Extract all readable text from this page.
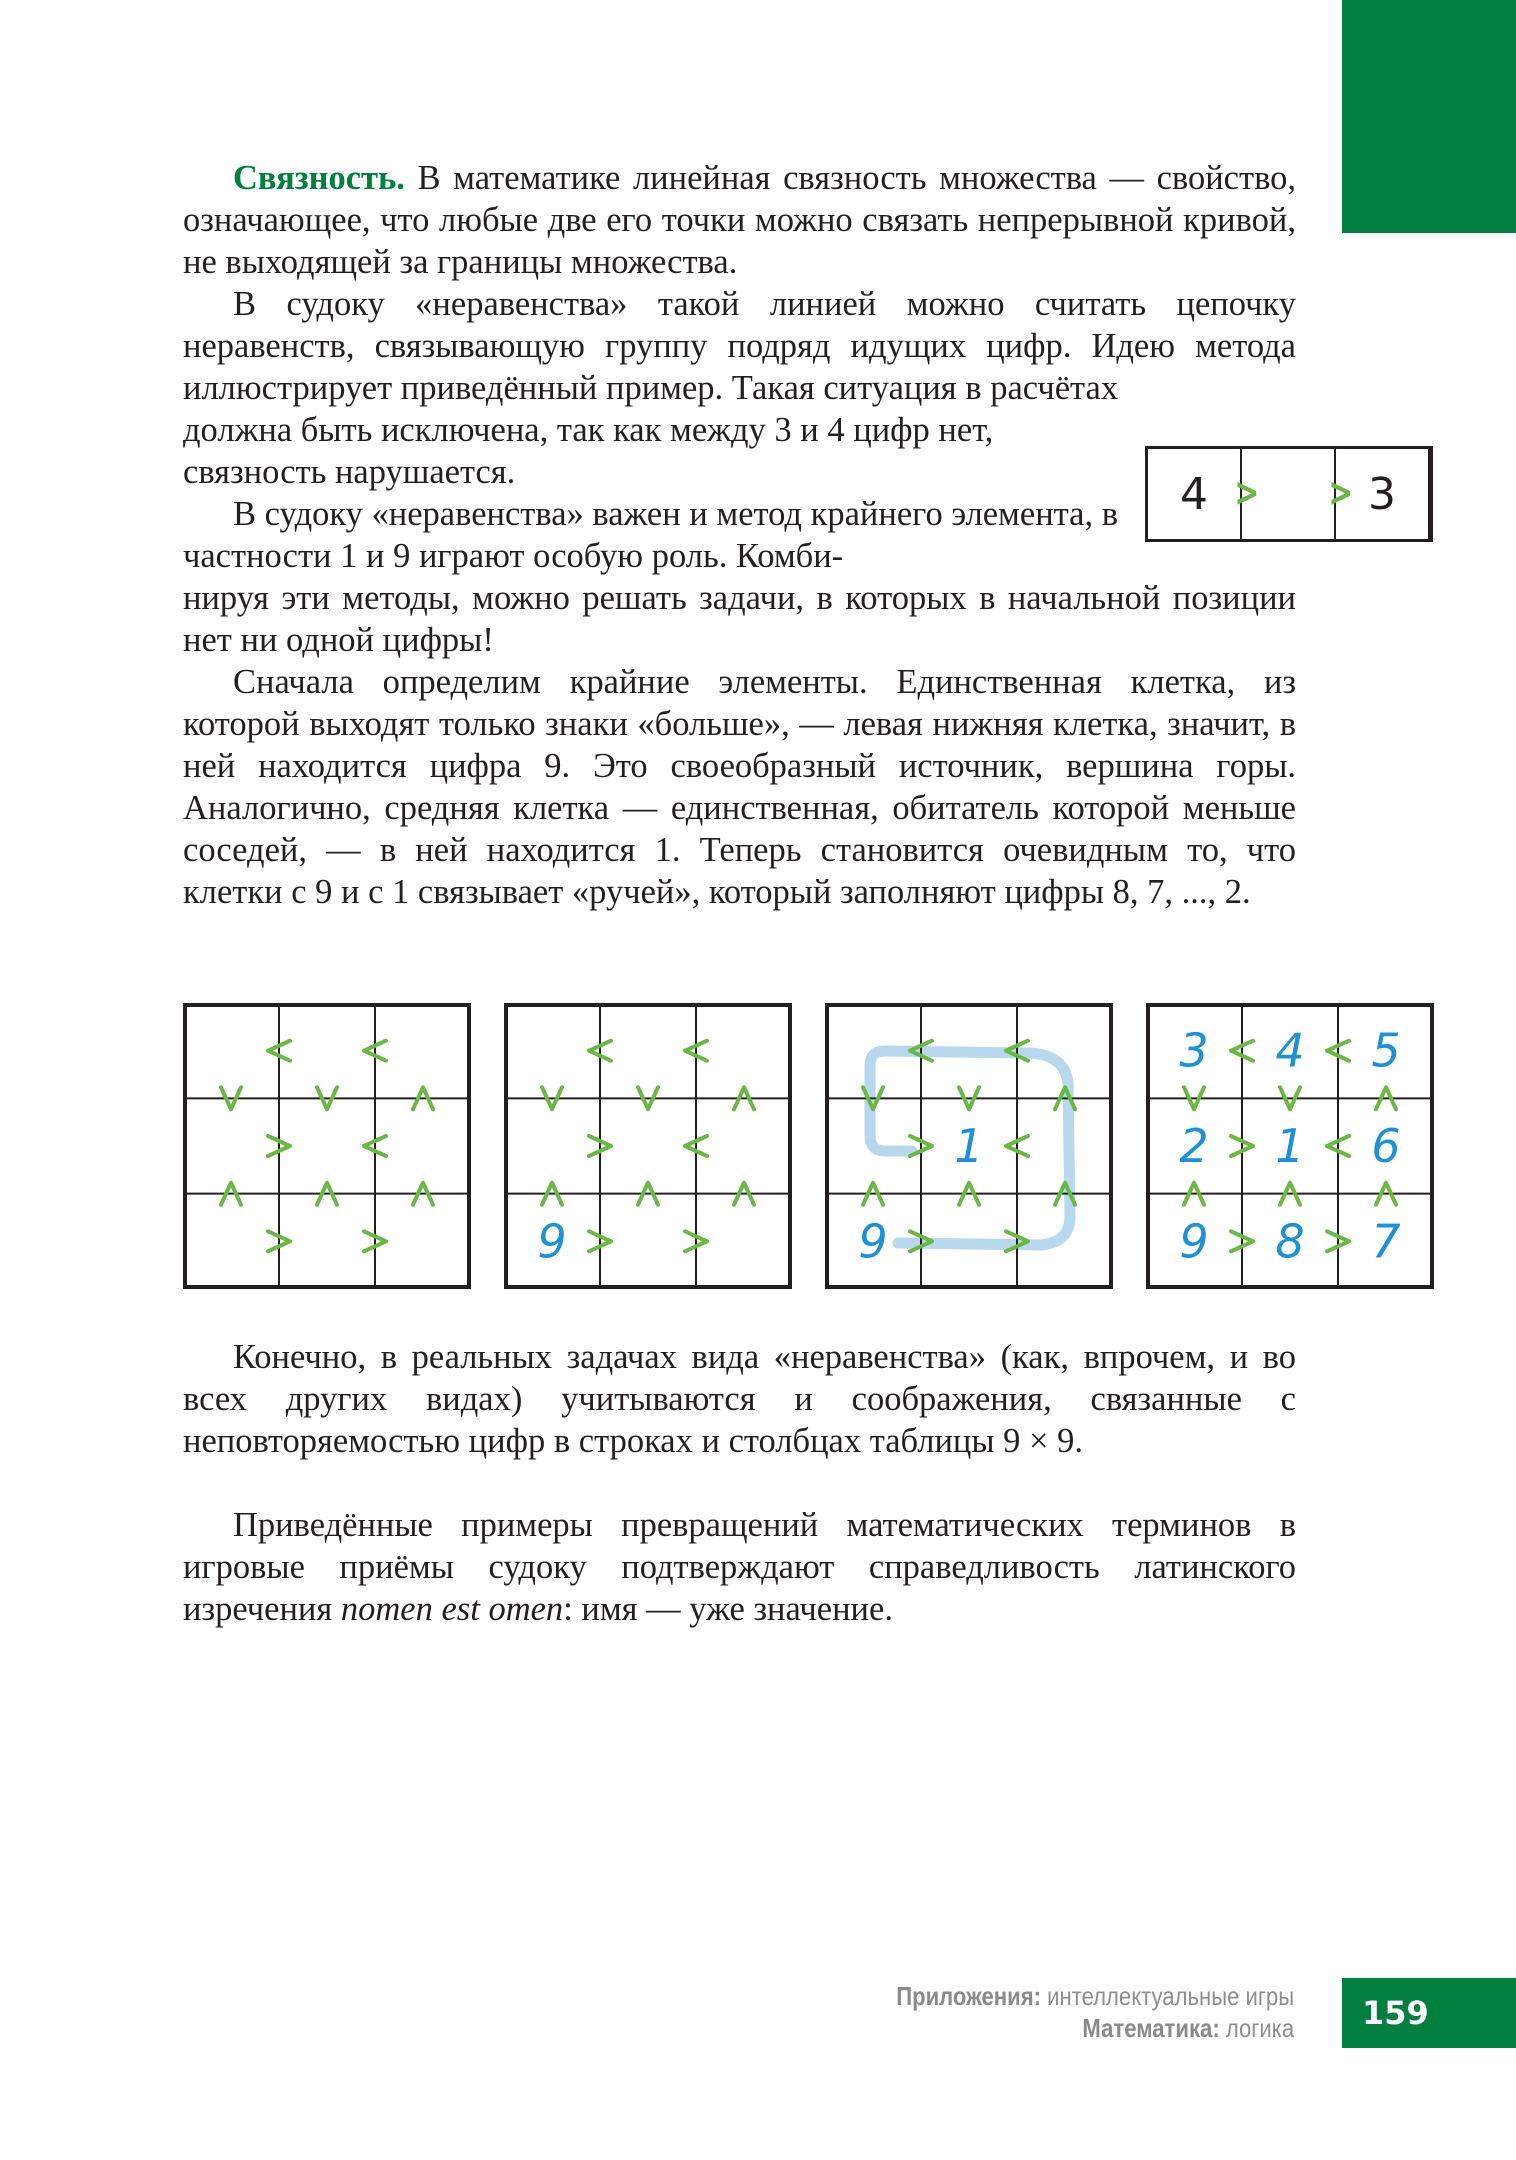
Связность. В математике линейная связность множества — свойство, означающее, что любые две его точки можно связать непрерывной кривой, не выходящей за границы множества.

В судоку «неравенства» такой линией можно считать цепочку неравенств, связывающую группу подряд идущих цифр. Идею метода иллюстрирует приведённый пример. Такая ситуация в расчётах

должна быть исключена, так как между 3 и 4 цифр нет, связность нарушается.

В судоку «неравенства» важен и метод крайнего элемента, в частности 1 и 9 играют особую роль. Комби-

нируя эти методы, можно решать задачи, в которых в начальной позиции нет ни одной цифры!

Сначала определим крайние элементы. Единственная клетка, из которой выходят только знаки «больше», — левая нижняя клетка, значит, в ней находится цифра 9. Это своеобразный источник, вершина горы. Аналогично, средняя клетка — единственная, обитатель которой меньше соседей, — в ней находится 1. Теперь становится очевидным то, что клетки с 9 и с 1 связывает «ручей», который заполняют цифры 8, 7, ..., 2.

4	3
> >
9
1
9
3 4 5
2 1 6
9 8 7

Конечно, в реальных задачах вида «неравенства» (как, впрочем, и во всех других видах) учитываются и соображения, связанные с неповторяемостью цифр в строках и столбцах таблицы 9 × 9.

Приведённые примеры превращений математических терминов в игровые приёмы судоку подтверждают справедливость латинского изречения nomen est omen: имя — уже значение.

Приложения: интеллектуальные игры
Математика: логика	159
